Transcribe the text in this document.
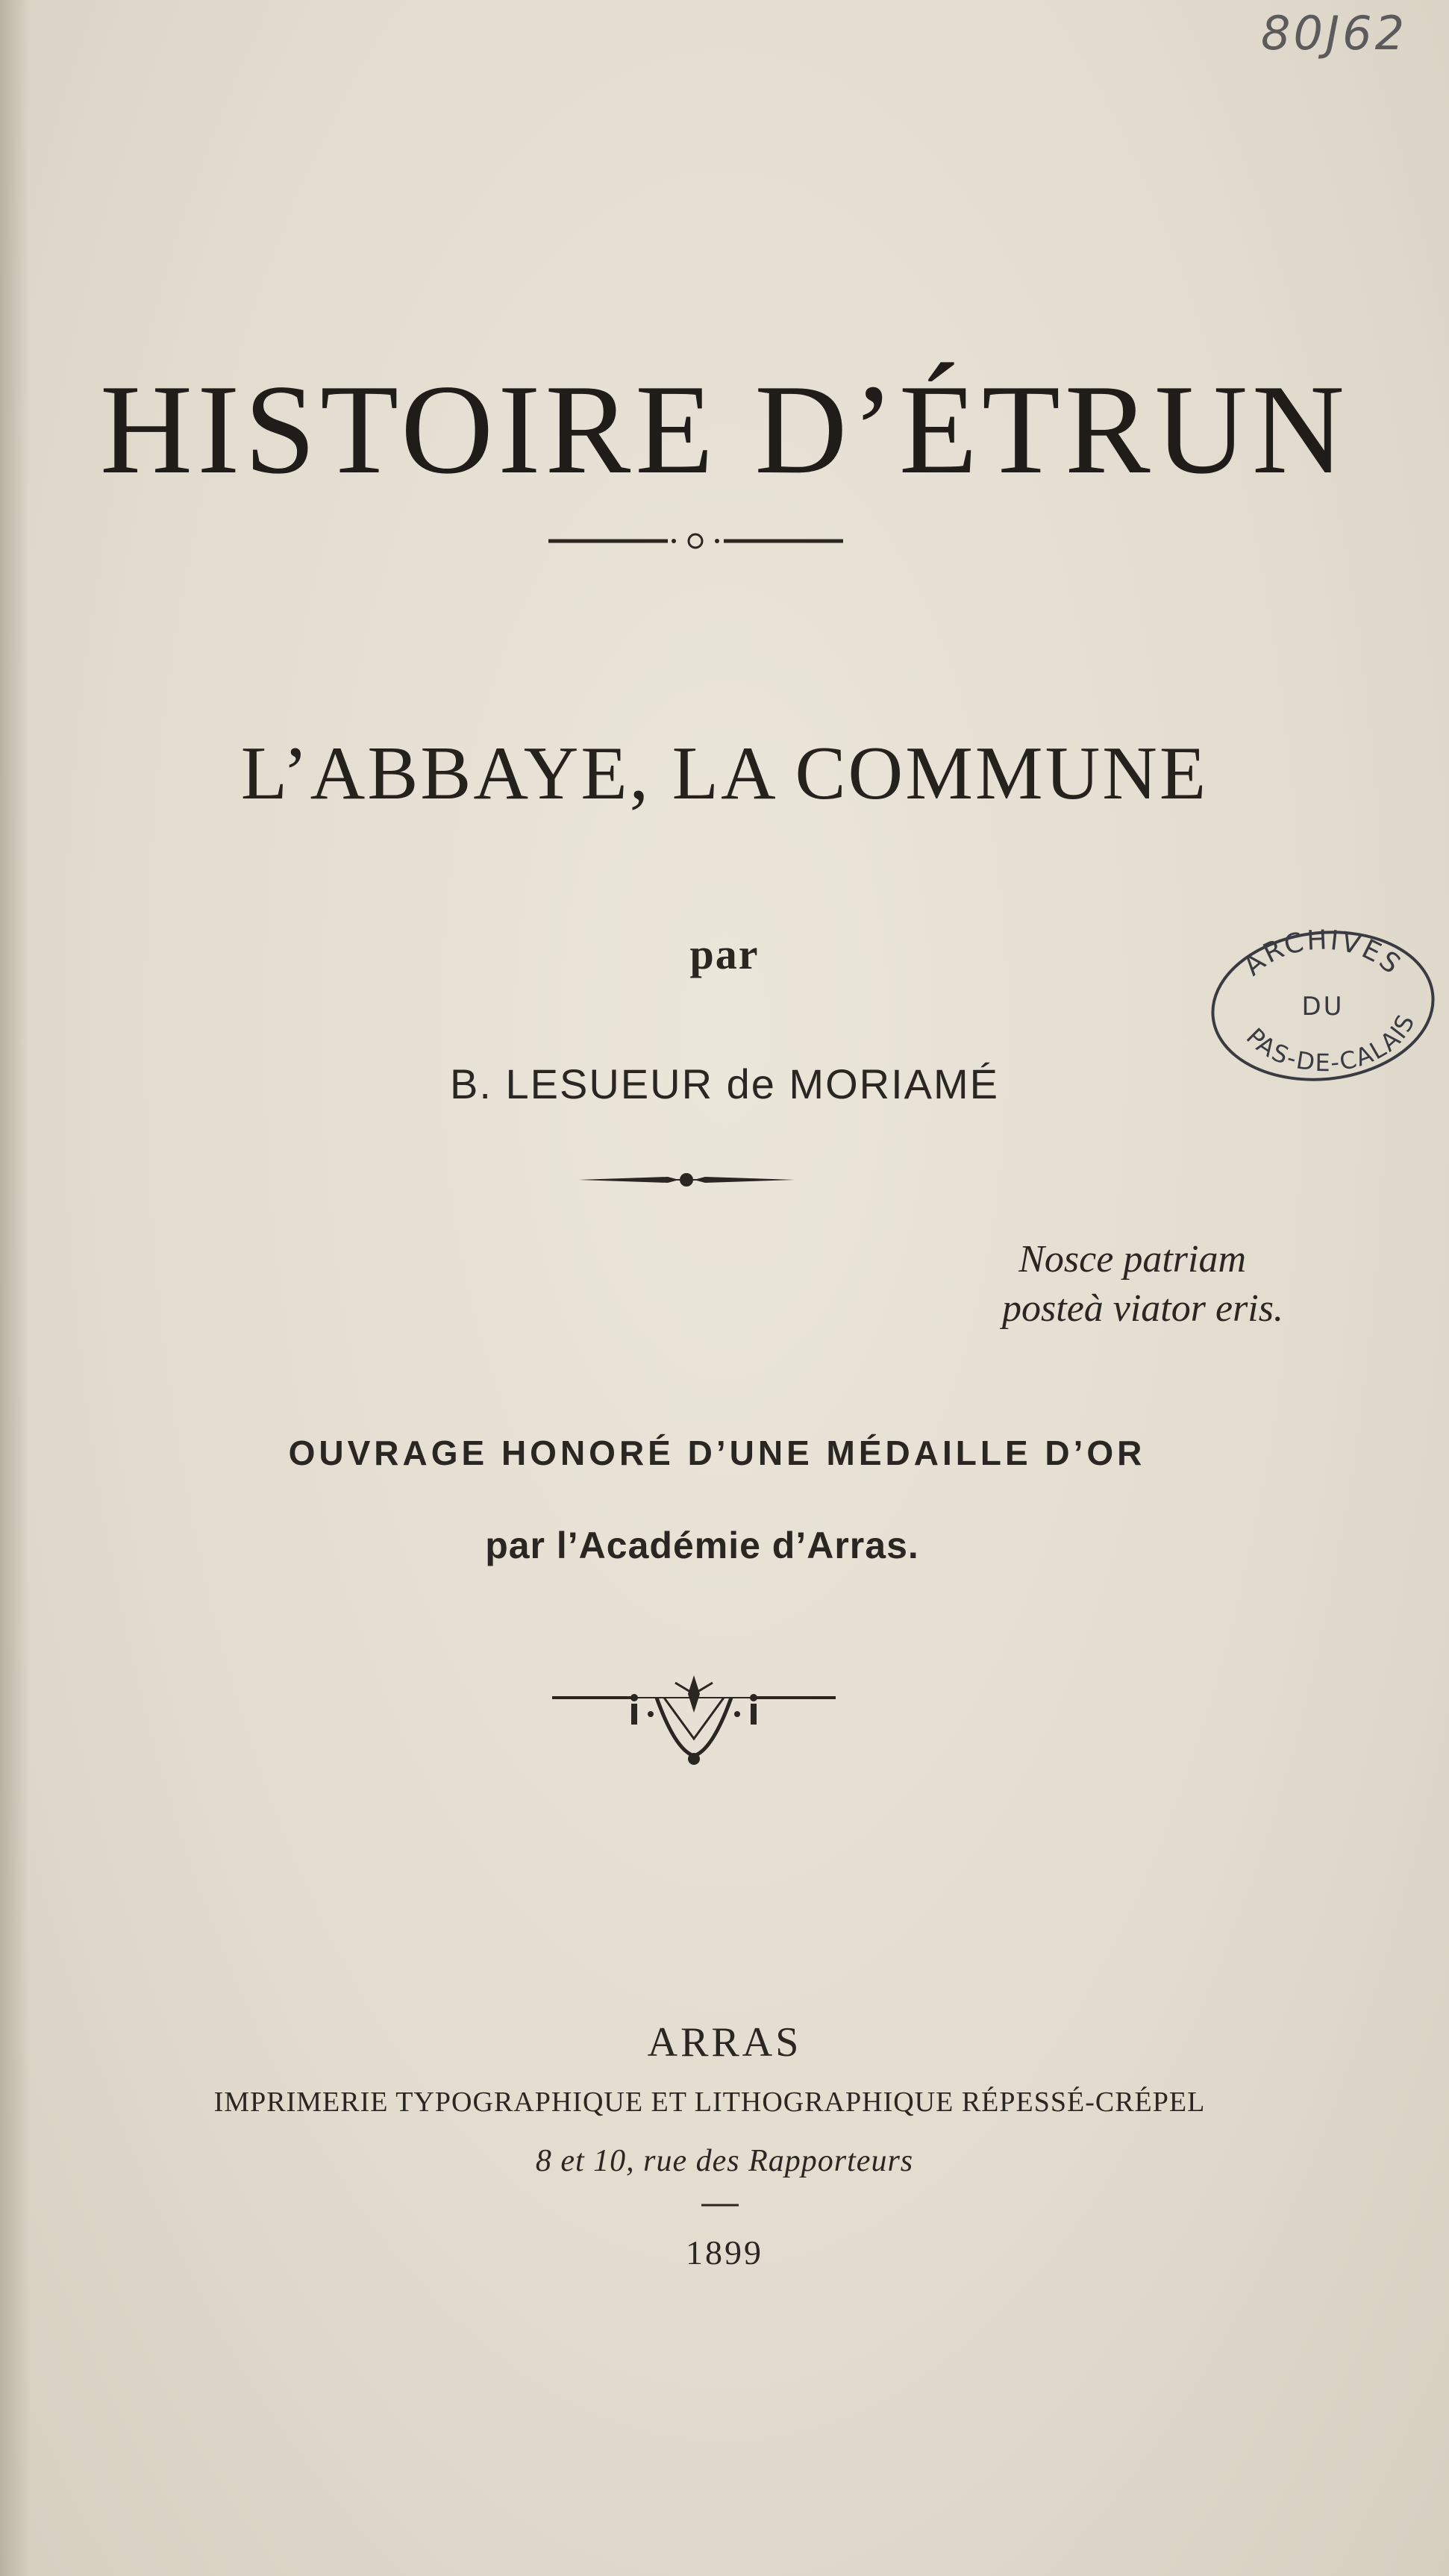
80J62
HISTOIRE D’ÉTRUN
L’ABBAYE, LA COMMUNE
par
B. LESUEUR de MORIAMÉ
Nosce patriam
posteà viator eris.
OUVRAGE HONORÉ D’UNE MÉDAILLE D’OR
par l’Académie d’Arras.
ARRAS
IMPRIMERIE TYPOGRAPHIQUE ET LITHOGRAPHIQUE RÉPESSÉ-CRÉPEL
8 et 10, rue des Rapporteurs
1899
ARCHIVES
DU
PAS-DE-CALAIS
